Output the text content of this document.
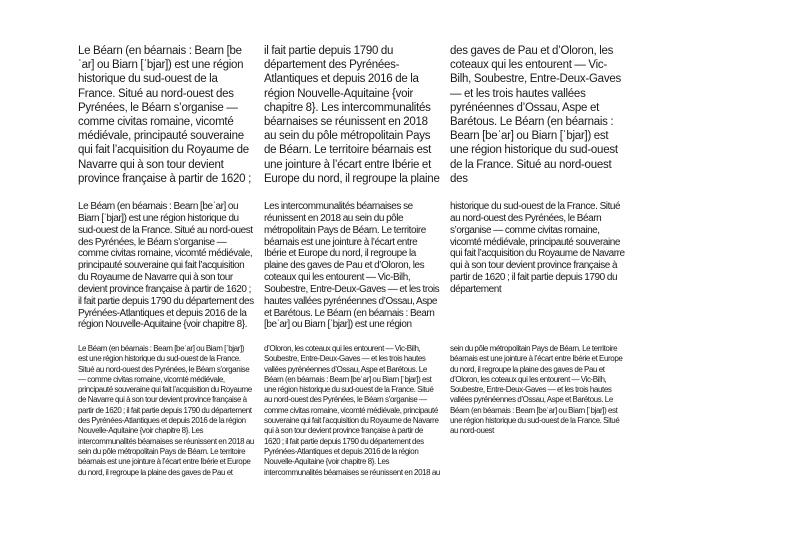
Le Béarn (en béarnais : Bearn [beˈar] ou Biarn [ˈbjar]) est une région historique du sud-ouest de la France. Situé au nord-ouest des Pyrénées, le Béarn s’organise — comme civitas romaine, vicomté médiévale, principauté souveraine qui fait l’acquisition du Royaume de Navarre qui à son tour devient province française à partir de 1620 ; il fait partie depuis 1790 du département des Pyrénées-Atlantiques et depuis 2016 de la région Nouvelle-Aquitaine {voir chapitre 8}. Les intercommunalités béarnaises se réunissent en 2018 au sein du pôle métropolitain Pays de Béarn. Le territoire béarnais est une jointure à l’écart entre Ibérie et Europe du nord, il regroupe la plaine des gaves de Pau et d’Oloron, les coteaux qui les entourent — Vic-Bilh, Soubestre, Entre-Deux-Gaves — et les trois hautes vallées pyrénéennes d’Ossau, Aspe et Barétous. Le Béarn (en béarnais : Bearn [beˈar] ou Biarn [ˈbjar]) est une région historique du sud-ouest de la France. Situé au nord-ouest des
Le Béarn (en béarnais : Bearn [beˈar] ou Biarn [ˈbjar]) est une région historique du sud-ouest de la France. Situé au nord-ouest des Pyrénées, le Béarn s’organise — comme civitas romaine, vicomté médiévale, principauté souveraine qui fait l’acquisition du Royaume de Navarre qui à son tour devient province française à partir de 1620 ; il fait partie depuis 1790 du département des Pyrénées-Atlantiques et depuis 2016 de la région Nouvelle-Aquitaine {voir chapitre 8}. Les intercommunalités béarnaises se réunissent en 2018 au sein du pôle métropolitain Pays de Béarn. Le territoire béarnais est une jointure à l’écart entre Ibérie et Europe du nord, il regroupe la plaine des gaves de Pau et d’Oloron, les coteaux qui les entourent — Vic-Bilh, Soubestre, Entre-Deux-Gaves — et les trois hautes vallées pyrénéennes d’Ossau, Aspe et Barétous. Le Béarn (en béarnais : Bearn [beˈar] ou Biarn [ˈbjar]) est une région historique du sud-ouest de la France. Situé au nord-ouest des Pyrénées, le Béarn s’organise — comme civitas romaine, vicomté médiévale, principauté souveraine qui fait l’acquisition du Royaume de Navarre qui à son tour devient province française à partir de 1620 ; il fait partie depuis 1790 du département
Le Béarn (en béarnais : Bearn [beˈar] ou Biarn [ˈbjar]) est une région historique du sud-ouest de la France. Situé au nord-ouest des Pyrénées, le Béarn s’organise — comme civitas romaine, vicomté médiévale, principauté souveraine qui fait l’acquisition du Royaume de Navarre qui à son tour devient province française à partir de 1620 ; il fait partie depuis 1790 du département des Pyrénées-Atlantiques et depuis 2016 de la région Nouvelle-Aquitaine {voir chapitre 8}. Les intercommunalités béarnaises se réunissent en 2018 au sein du pôle métropolitain Pays de Béarn. Le territoire béarnais est une jointure à l’écart entre Ibérie et Europe du nord, il regroupe la plaine des gaves de Pau et d’Oloron, les coteaux qui les entourent — Vic-Bilh, Soubestre, Entre-Deux-Gaves — et les trois hautes vallées pyrénéennes d’Ossau, Aspe et Barétous. Le Béarn (en béarnais : Bearn [beˈar] ou Biarn [ˈbjar]) est une région historique du sud-ouest de la France. Situé au nord-ouest des Pyrénées, le Béarn s’organise — comme civitas romaine, vicomté médiévale, principauté souveraine qui fait l’acquisition du Royaume de Navarre qui à son tour devient province française à partir de 1620 ; il fait partie depuis 1790 du département des Pyrénées-Atlantiques et depuis 2016 de la région Nouvelle-Aquitaine {voir chapitre 8}. Les intercommunalités béarnaises se réunissent en 2018 au sein du pôle métropolitain Pays de Béarn. Le territoire béarnais est une jointure à l’écart entre Ibérie et Europe du nord, il regroupe la plaine des gaves de Pau et d’Oloron, les coteaux qui les entourent — Vic-Bilh, Soubestre, Entre-Deux-Gaves — et les trois hautes vallées pyrénéennes d’Ossau, Aspe et Barétous. Le Béarn (en béarnais : Bearn [beˈar] ou Biarn [ˈbjar]) est une région historique du sud-ouest de la France. Situé au nord-ouest
